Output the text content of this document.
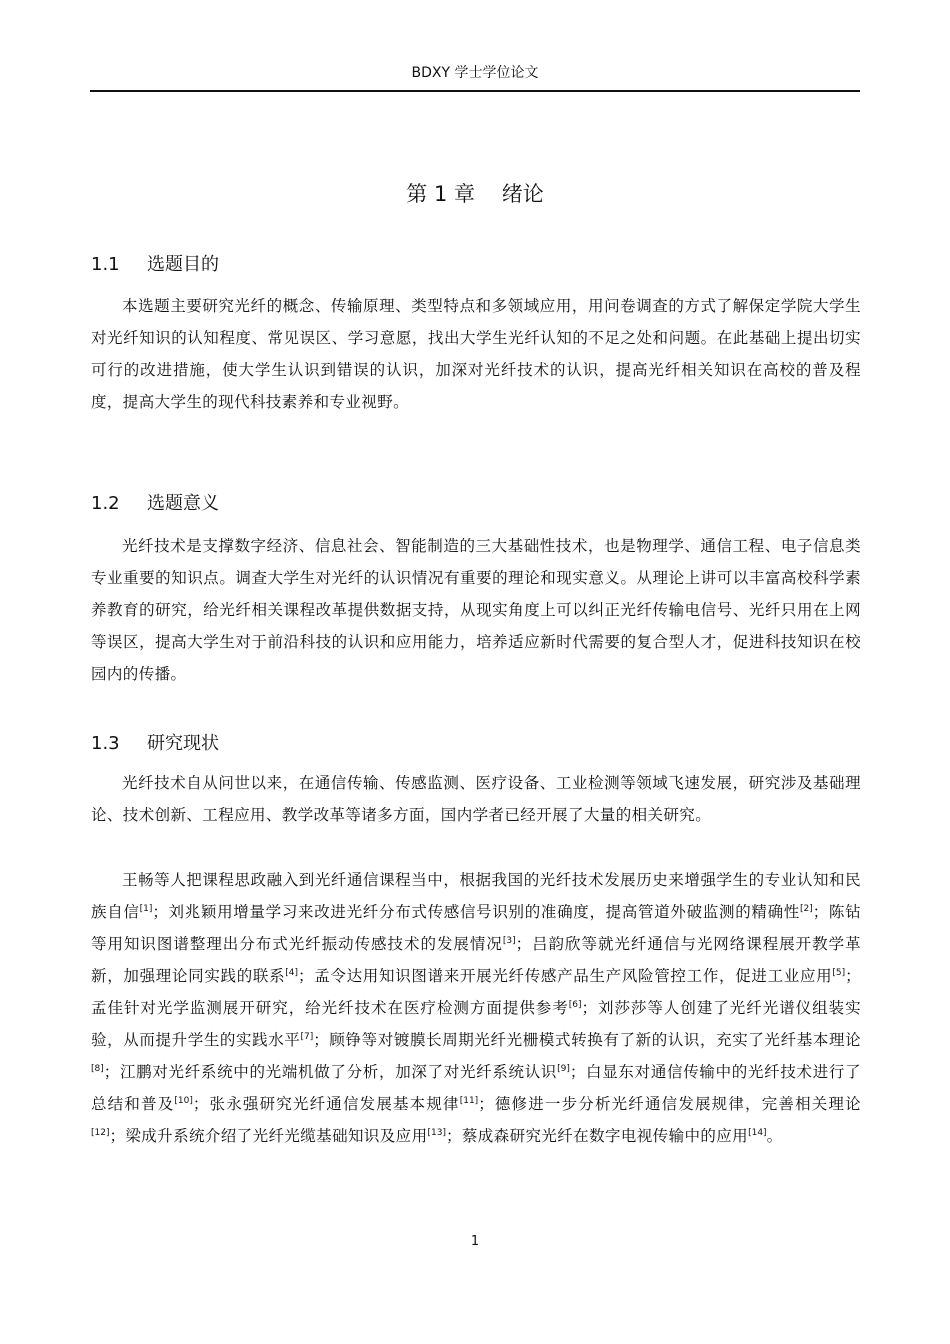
BDXY 学士学位论文
第 1 章    绪论
1.1 选题目的

本选题主要研究光纤的概念、传输原理、类型特点和多领域应用，用问卷调查的方式了解保定学院大学生对光纤知识的认知程度、常见误区、学习意愿，找出大学生光纤认知的不足之处和问题。在此基础上提出切实可行的改进措施，使大学生认识到错误的认识，加深对光纤技术的认识，提高光纤相关知识在高校的普及程度，提高大学生的现代科技素养和专业视野。

1.2 选题意义

光纤技术是支撑数字经济、信息社会、智能制造的三大基础性技术，也是物理学、通信工程、电子信息类专业重要的知识点。调查大学生对光纤的认识情况有重要的理论和现实意义。从理论上讲可以丰富高校科学素养教育的研究，给光纤相关课程改革提供数据支持，从现实角度上可以纠正光纤传输电信号、光纤只用在上网等误区，提高大学生对于前沿科技的认识和应用能力，培养适应新时代需要的复合型人才，促进科技知识在校园内的传播。

1.3 研究现状

光纤技术自从问世以来，在通信传输、传感监测、医疗设备、工业检测等领域飞速发展，研究涉及基础理论、技术创新、工程应用、教学改革等诸多方面，国内学者已经开展了大量的相关研究。

王畅等人把课程思政融入到光纤通信课程当中，根据我国的光纤技术发展历史来增强学生的专业认知和民族自信[1]；刘兆颖用增量学习来改进光纤分布式传感信号识别的准确度，提高管道外破监测的精确性[2]；陈钻等用知识图谱整理出分布式光纤振动传感技术的发展情况[3]；吕韵欣等就光纤通信与光网络课程展开教学革新，加强理论同实践的联系[4]；孟令达用知识图谱来开展光纤传感产品生产风险管控工作，促进工业应用[5]；孟佳针对光学监测展开研究，给光纤技术在医疗检测方面提供参考[6]；刘莎莎等人创建了光纤光谱仪组装实验，从而提升学生的实践水平[7]；顾铮等对镀膜长周期光纤光栅模式转换有了新的认识，充实了光纤基本理论[8]；江鹏对光纤系统中的光端机做了分析，加深了对光纤系统认识[9]；白显东对通信传输中的光纤技术进行了总结和普及[10]；张永强研究光纤通信发展基本规律[11]；德修进一步分析光纤通信发展规律，完善相关理论[12]；梁成升系统介绍了光纤光缆基础知识及应用[13]；蔡成森研究光纤在数字电视传输中的应用[14]。

1
